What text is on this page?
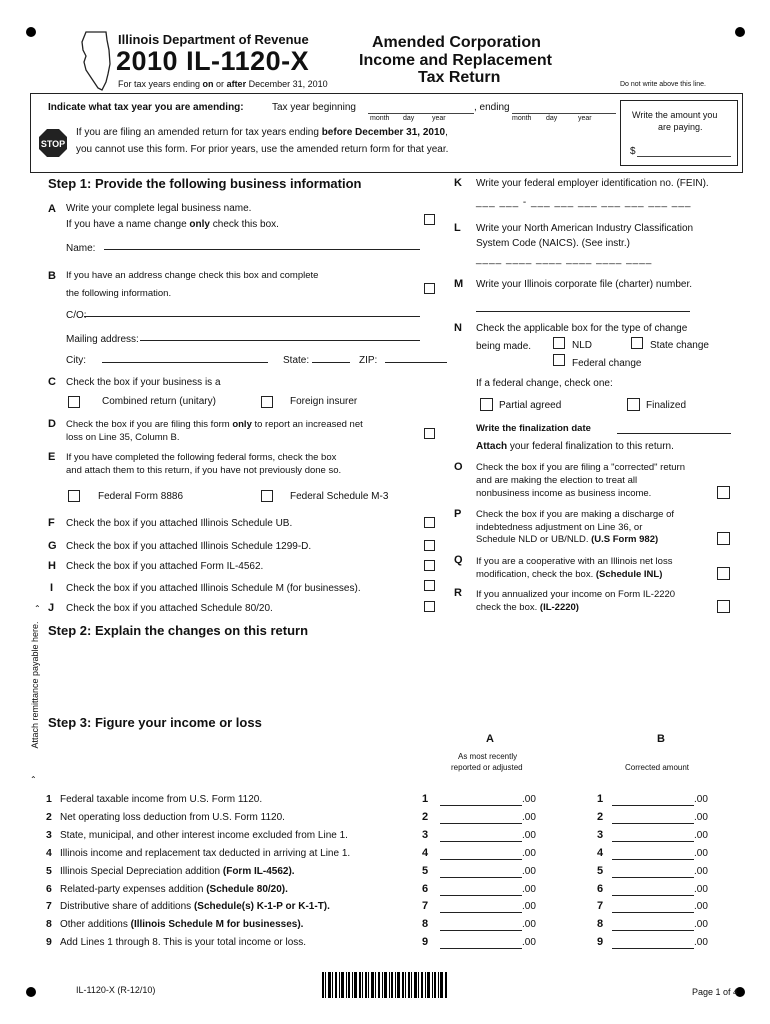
Illinois Department of Revenue
2010 IL-1120-X
For tax years ending on or after December 31, 2010
Amended Corporation
Income and Replacement
Tax Return	Do not write above this line.
Indicate what tax year you are amending:	Tax year beginning	, ending
month day	year	month day	year
STOP
If you are filing an amended return for tax years ending before December 31, 2010,
you cannot use this form. For prior years, use the amended return form for that year.
Write the amount you
are paying.
$
Step 1: Provide the following business information
A Write your complete legal business name.
If you have a name change only check this box.
Name:
B If you have an address change check this box and complete
the following information.
C/O:
Mailing address:
City:	State:	ZIP:
C Check the box if your business is a
Combined return (unitary)	Foreign insurer
D Check the box if you are filing this form only to report an increased net
loss on Line 35, Column B.
E If you have completed the following federal forms, check the box
and attach them to this return, if you have not previously done so.
Federal Form 8886	Federal Schedule M-3
F Check the box if you attached Illinois Schedule UB.
G Check the box if you attached Illinois Schedule 1299-D.
H Check the box if you attached Form IL-4562.
I Check the box if you attached Illinois Schedule M (for businesses).
J Check the box if you attached Schedule 80/20.
K Write your federal employer identification no. (FEIN).
___ ___ - ___ ___ ___ ___ ___ ___ ___
L Write your North American Industry Classification
System Code (NAICS). (See instr.)
____ ____ ____ ____ ____ ____
M Write your Illinois corporate file (charter) number.
N Check the applicable box for the type of change
being made.	NLD	State change
Federal change
If a federal change, check one:
Partial agreed	Finalized
Write the finalization date
Attach your federal finalization to this return.
O Check the box if you are filing a "corrected" return
and are making the election to treat all
nonbusiness income as business income.
P Check the box if you are making a discharge of
indebtedness adjustment on Line 36, or
Schedule NLD or UB/NLD. (U.S Form 982)
Q If you are a cooperative with an Illinois net loss
modification, check the box. (Schedule INL)
R If you annualized your income on Form IL-2220
check the box. (IL-2220)
Attach remittance payable here.
⌃
⌃
Step 2: Explain the changes on this return
Step 3: Figure your income or loss
A
As most recently
reported or adjusted
B
Corrected amount
1 Federal taxable income from U.S. Form 1120.	1	.00	1	.00
2 Net operating loss deduction from U.S. Form 1120.	2	.00	2	.00
3 State, municipal, and other interest income excluded from Line 1.	3	.00	3	.00
4 Illinois income and replacement tax deducted in arriving at Line 1.	4	.00	4	.00
5 Illinois Special Depreciation addition (Form IL-4562).	5	.00	5	.00
6 Related-party expenses addition (Schedule 80/20).	6	.00	6	.00
7 Distributive share of additions (Schedule(s) K-1-P or K-1-T).	7	.00	7	.00
8 Other additions (Illinois Schedule M for businesses).	8	.00	8	.00
9 Add Lines 1 through 8. This is your total income or loss.	9	.00	9	.00
IL-1120-X (R-12/10)	Page 1 of 4
